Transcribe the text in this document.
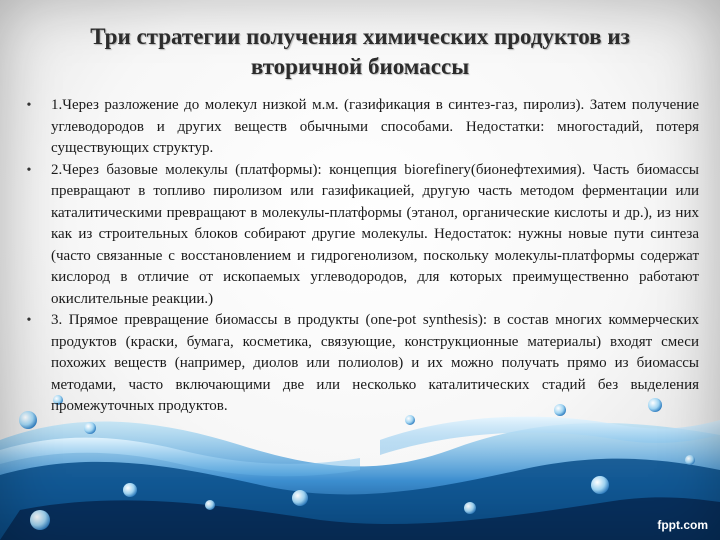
Три стратегии получения химических продуктов из вторичной биомассы
•	1.Через разложение до молекул низкой м.м. (газификация в синтез-газ, пиролиз). Затем получение углеводородов и других веществ обычными способами. Недостатки: многостадий, потеря существующих структур.
•	2.Через базовые молекулы (платформы): концепция biorefinery(бионефтехимия). Часть биомассы превращают в топливо пиролизом или газификацией, другую часть методом ферментации или каталитическими превращают в молекулы-платформы (этанол, органические кислоты и др.), из них как из строительных блоков собирают другие молекулы. Недостаток: нужны новые пути синтеза (часто связанные с восстановлением и гидрогенолизом, поскольку молекулы-платформы содержат кислород в отличие от ископаемых углеводородов, для которых преимущественно работают окислительные реакции.)
•	3. Прямое превращение биомассы в продукты (one-pot synthesis): в состав многих коммерческих продуктов (краски, бумага, косметика, связующие, конструкционные материалы) входят смеси похожих веществ (например, диолов или полиолов) и их можно получать прямо из биомассы методами, часто включающими две или несколько каталитических стадий без выделения промежуточных продуктов.
fppt.com
